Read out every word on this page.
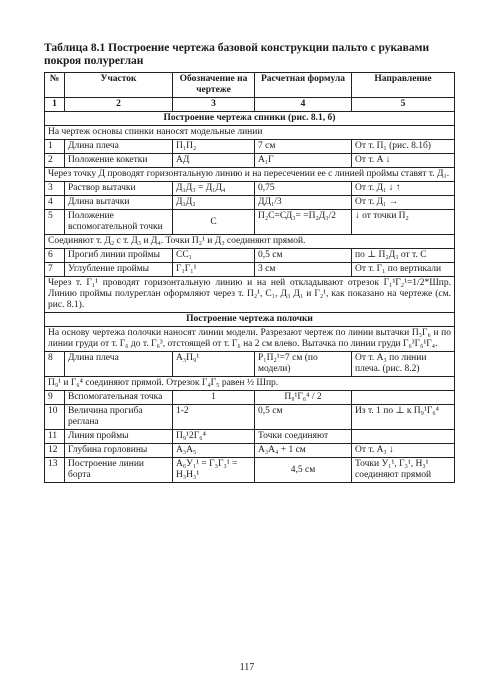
Таблица 8.1 Построение чертежа базовой конструкции пальто с рукавами покроя полуреглан
№	Участок	Обозначение на чертеже	Расчетная формула	Направление
1	2	3	4	5
Построение чертежа спинки (рис. 8.1, б)				
На чертеж основы спинки наносят модельные линии				
1	Длина плеча	П₁П₂	7 см	От т. П₁ (рис. 8.1б)
2	Положение кокетки	АД	А₁Г	От т. А ↓
Через точку Д проводят горизонтальную линию и на пересечении ее с линией проймы ставят т. Д₁.				
3	Раствор вытачки	Д₁Д₃ = Д₁Д₄	0,75	От т. Д₁ ↓ ↑
4	Длина вытачки	Д₁Д₂	ДД₁/3	От т. Д₁ →
5	Положение вспомогательной точки	С	П₂С=СД₃= =П₂Д₃/2	↓ от точки П₂
Соединяют т. Д₂ с т. Д₃ и Д₄. Точки П₂¹ и Д₃ соединяют прямой.				
6	Прогиб линии проймы	СС₁	0,5 см	по ⊥ П₂Д₃ от т. С
7	Углубление проймы	Г₁Г₁¹	3 см	От т. Г₁ по вертикали
Через т. Г₁¹ проводят горизонтальную линию и на ней откладывают отрезок Г₁¹Г₂¹=1/2*Шпр. Линию проймы полуреглан оформляют через т. П₂¹, С₁, Д₃ Д₁ и Г₂¹, как показано на чертеже (см. рис. 8.1).				
Построение чертежа полочки				
На основу чертежа полочки наносят линии модели. Разрезают чертеж по линии вытачки П₅Г₆ и по линии груди от т. Г₆ до т. Г₆³, отстоящей от т. Г₆ на 2 см влево. Вытачка по линии груди Г₆³Г₆¹Г₄.				
8	Длина плеча	А₃П₉¹	Р₁П₂¹=7 см (по модели)	От т. А₃ по линии плеча. (рис. 8.2)
П₉¹ и Г₆⁴ соединяют прямой. Отрезок Г₄Г₅ равен ½ Шпр.				
9	Вспомогательная точка	1	П₉¹Г₆⁴ / 2	
10	Величина прогиба реглана	1-2	0,5 см	Из т. 1 по ⊥ к П₉¹Г₆⁴
11	Линия проймы	П₉¹2Г₆⁴	Точки соединяют	
12	Глубина горловины	А₃А₅	А₃А₄ + 1 см	От т. А₃ ↓
13	Построение линии борта	А₆У₁¹ = Г₃Г₃¹ = Н₃Н₃¹	4,5 см	Точки У₁¹, Г₃¹, Н₃¹ соединяют прямой
117
